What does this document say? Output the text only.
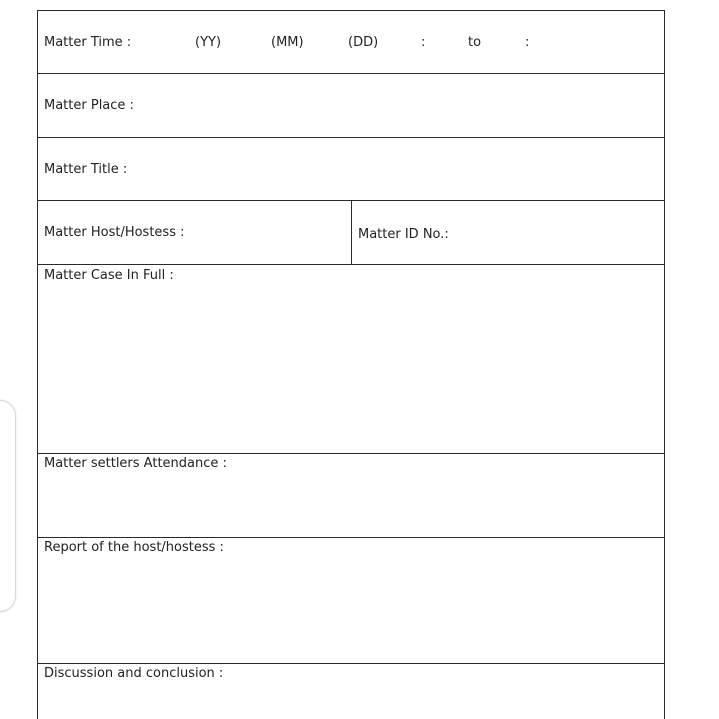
Matter Time :	(YY)	(MM)	(DD)	:	to	:
Matter Place :
Matter Title :
Matter Host/Hostess :	Matter ID No.:
Matter Case In Full :
Matter settlers Attendance :
Report of the host/hostess :
Discussion and conclusion :
